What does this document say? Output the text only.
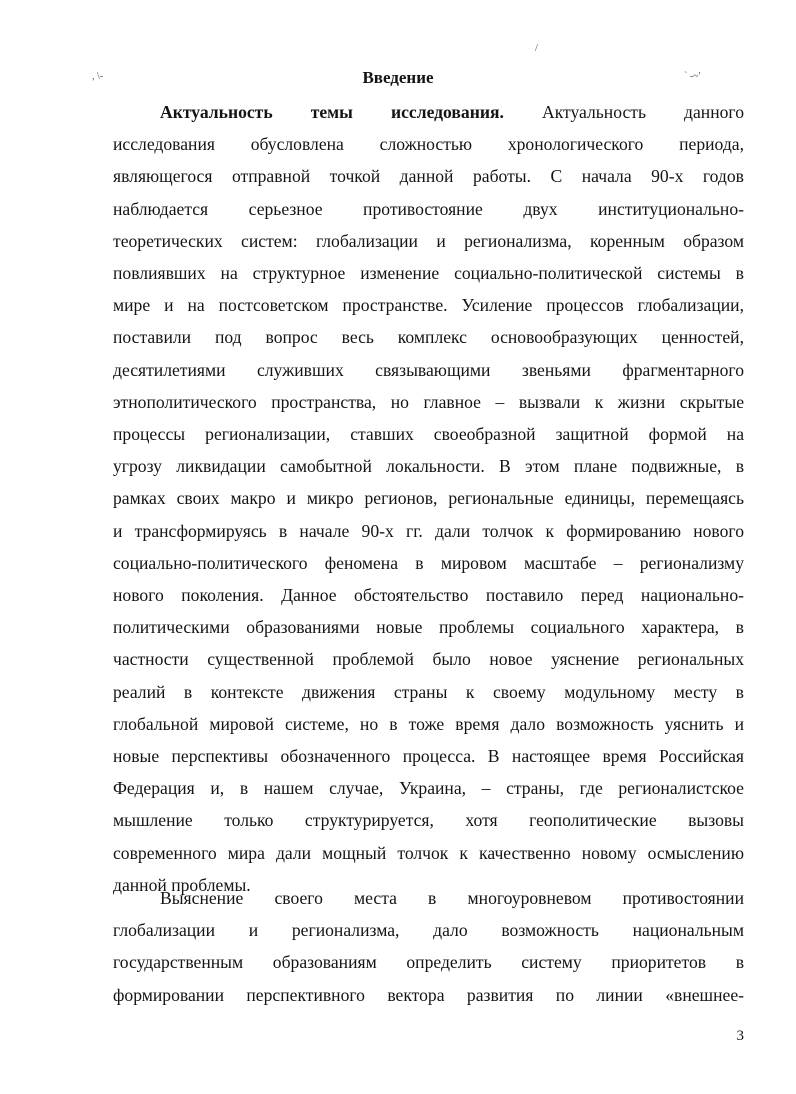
, \-	` -~'
/
Введение
Актуальность темы исследования. Актуальность данного
исследования обусловлена сложностью хронологического периода,
являющегося отправной точкой данной работы. С начала 90-х годов
наблюдается серьезное противостояние двух институционально-
теоретических систем: глобализации и регионализма, коренным образом
повлиявших на структурное изменение социально-политической системы в
мире и на постсоветском пространстве. Усиление процессов глобализации,
поставили под вопрос весь комплекс основообразующих ценностей,
десятилетиями служивших связывающими звеньями фрагментарного
этнополитического пространства, но главное – вызвали к жизни скрытые
процессы регионализации, ставших своеобразной защитной формой на
угрозу ликвидации самобытной локальности. В этом плане подвижные, в
рамках своих макро и микро регионов, региональные единицы, перемещаясь
и трансформируясь в начале 90-х гг. дали толчок к формированию нового
социально-политического феномена в мировом масштабе – регионализму
нового поколения. Данное обстоятельство поставило перед национально-
политическими образованиями новые проблемы социального характера, в
частности существенной проблемой было новое уяснение региональных
реалий в контексте движения страны к своему модульному месту в
глобальной мировой системе, но в тоже время дало возможность уяснить и
новые перспективы обозначенного процесса. В настоящее время Российская
Федерация и, в нашем случае, Украина, – страны, где регионалистское
мышление только структурируется, хотя геополитические вызовы
современного мира дали мощный толчок к качественно новому осмыслению
данной проблемы.
Выяснение своего места в многоуровневом противостоянии
глобализации и регионализма, дало возможность национальным
государственным образованиям определить систему приоритетов в
формировании перспективного вектора развития по линии «внешнее-
3
